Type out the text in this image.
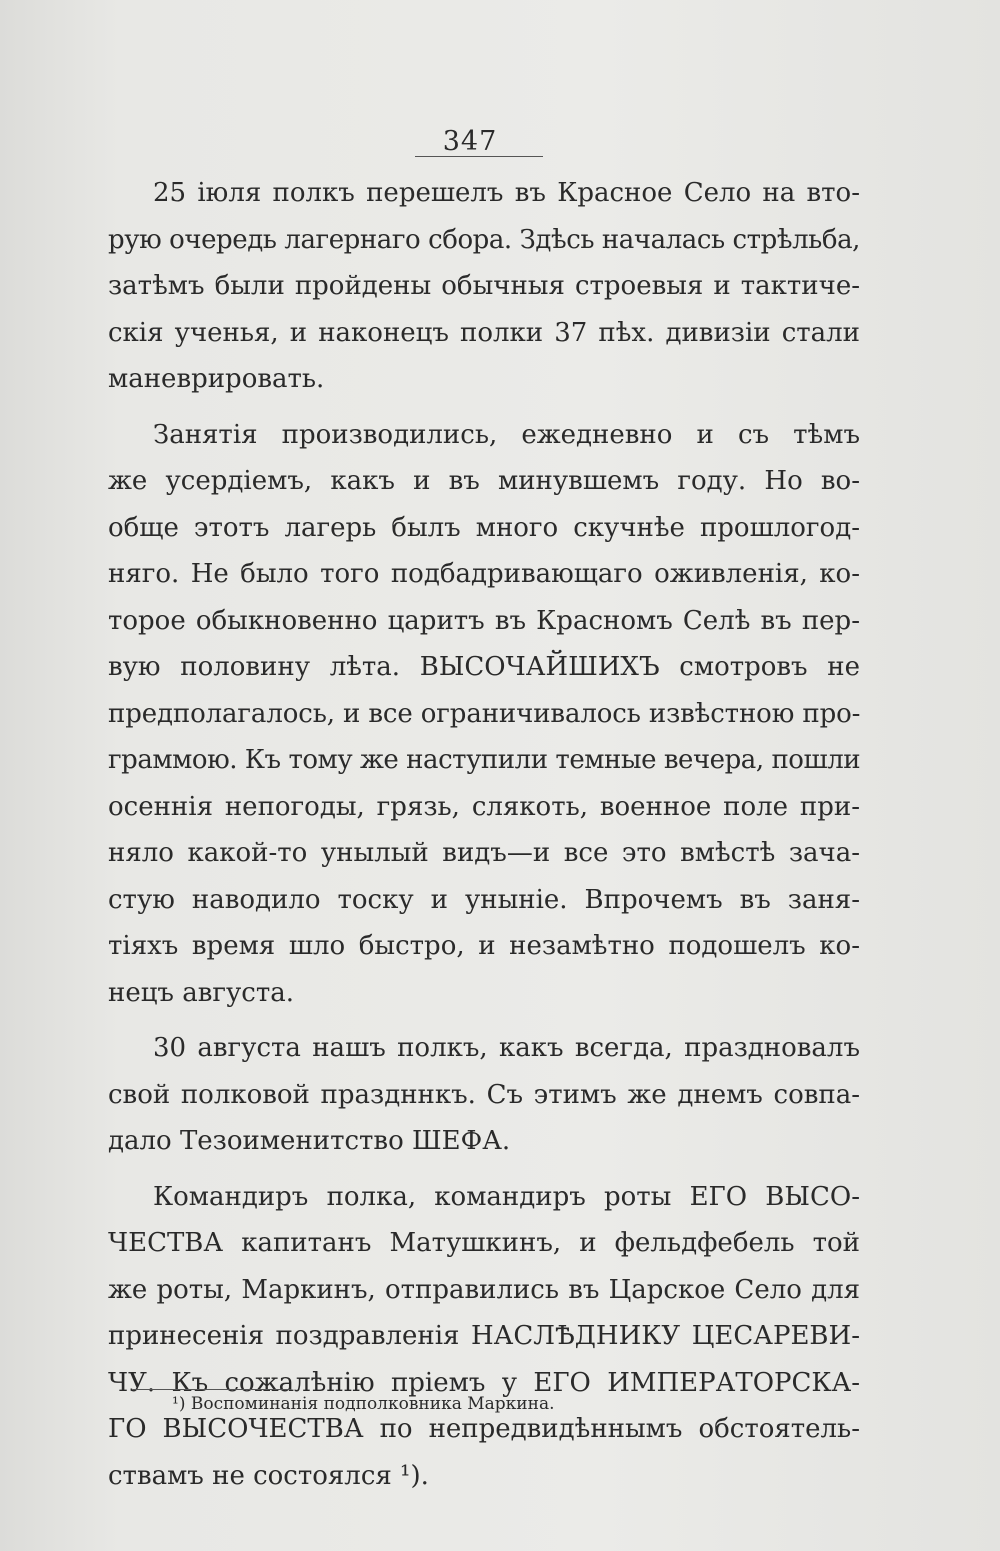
347
25 іюля полкъ перешелъ въ Красное Село на вто-
рую очередь лагернаго сбора. Здѣсь началась стрѣльба,
затѣмъ были пройдены обычныя строевыя и тактиче-
скія ученья, и наконецъ полки 37 пѣх. дивизіи стали
маневрировать.
Занятія производились, ежедневно и съ тѣмъ
же усердіемъ, какъ и въ минувшемъ году. Но во-
обще этотъ лагерь былъ много скучнѣе прошлогод-
няго. Не было того подбадривающаго оживленія, ко-
торое обыкновенно царитъ въ Красномъ Селѣ въ пер-
вую половину лѣта. ВЫСОЧАЙШИХЪ смотровъ не
предполагалось, и все ограничивалось извѣстною про-
граммою. Къ тому же наступили темные вечера, пошли
осеннія непогоды, грязь, слякоть, военное поле при-
няло какой-то унылый видъ—и все это вмѣстѣ зача-
стую наводило тоску и уныніе. Впрочемъ въ заня-
тіяхъ время шло быстро, и незамѣтно подошелъ ко-
нецъ августа.
30 августа нашъ полкъ, какъ всегда, праздновалъ
свой полковой праздннкъ. Съ этимъ же днемъ совпа-
дало Тезоименитство ШЕФА.
Командиръ полка, командиръ роты ЕГО ВЫСО-
ЧЕСТВА капитанъ Матушкинъ, и фельдфебель той
же роты, Маркинъ, отправились въ Царское Село для
принесенія поздравленія НАСЛѢДНИКУ ЦЕСАРЕВИ-
ЧУ. Къ сожалѣнію пріемъ у ЕГО ИМПЕРАТОРСКА-
ГО ВЫСОЧЕСТВА по непредвидѣннымъ обстоятель-
ствамъ не состоялся ¹).
¹) Воспоминанія подполковника Маркина.
